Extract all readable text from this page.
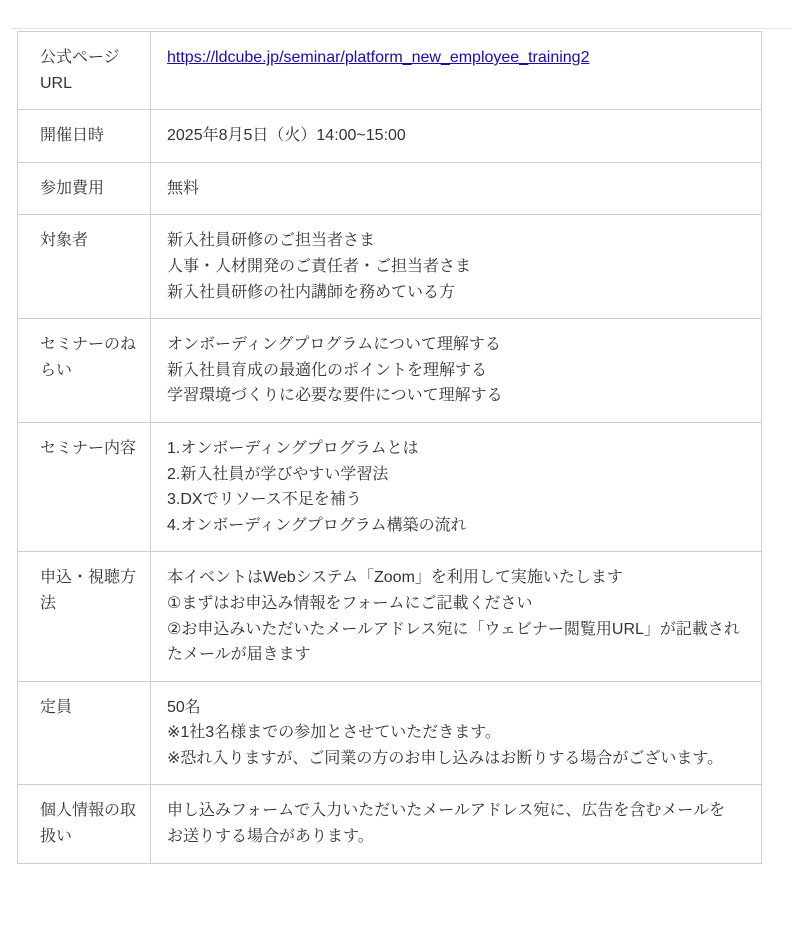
公式ページURL	https://ldcube.jp/seminar/platform_new_employee_training2

開催日時	2025年8月5日（火）14:00~15:00

参加費用	無料

対象者	新入社員研修のご担当者さま
人事・人材開発のご責任者・ご担当者さま
新入社員研修の社内講師を務めている方

セミナーのねらい	オンボーディングプログラムについて理解する
新入社員育成の最適化のポイントを理解する
学習環境づくりに必要な要件について理解する

セミナー内容	1.オンボーディングプログラムとは
2.新入社員が学びやすい学習法
3.DXでリソース不足を補う
4.オンボーディングプログラム構築の流れ

申込・視聴方法	本イベントはWebシステム「Zoom」を利用して実施いたします
①まずはお申込み情報をフォームにご記載ください
②お申込みいただいたメールアドレス宛に「ウェビナー閲覧用URL」が記載されたメールが届きます

定員	50名
※1社3名様までの参加とさせていただきます。
※恐れ入りますが、ご同業の方のお申し込みはお断りする場合がございます。

個人情報の取扱い	申し込みフォームで入力いただいたメールアドレス宛に、広告を含むメールをお送りする場合があります。
